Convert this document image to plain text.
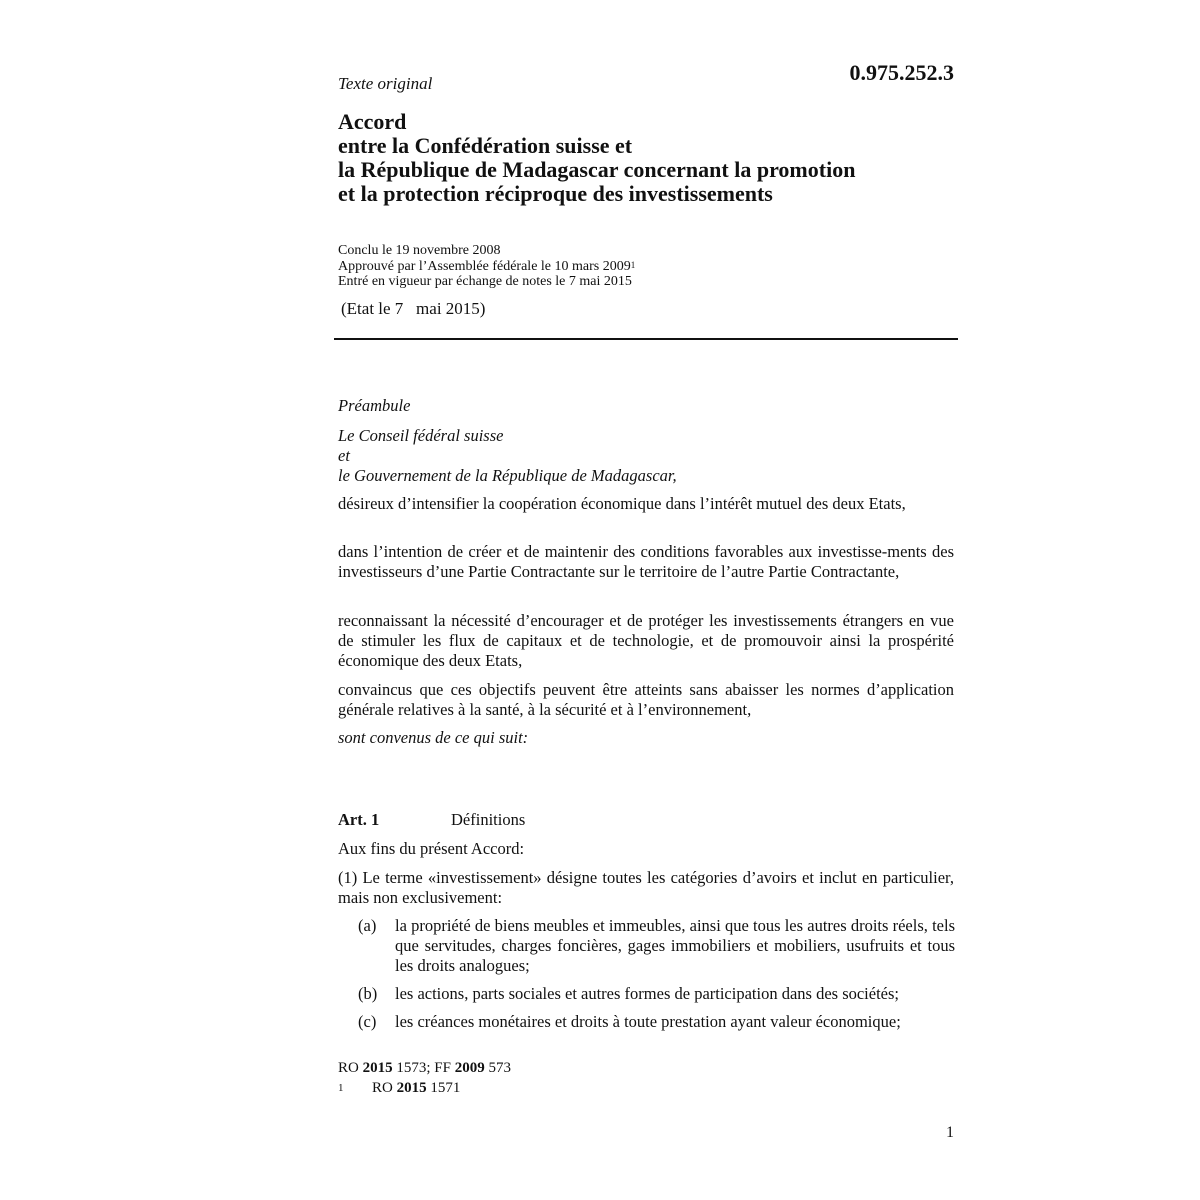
Texte original	0.975.252.3
Accord
entre la Confédération suisse et
la République de Madagascar concernant la promotion
et la protection réciproque des investissements
Conclu le 19 novembre 2008
Approuvé par l’Assemblée fédérale le 10 mars 2009$^1$
Entré en vigueur par échange de notes le 7 mai 2015
(Etat le 7   mai 2015)
Préambule
Le Conseil fédéral suisse
et
le Gouvernement de la République de Madagascar,
désireux d’intensifier la coopération économique dans l’intérêt mutuel des deux Etats,
dans l’intention de créer et de maintenir des conditions favorables aux investisse-ments des investisseurs d’une Partie Contractante sur le territoire de l’autre Partie Contractante,
reconnaissant la nécessité d’encourager et de protéger les investissements étrangers en vue de stimuler les flux de capitaux et de technologie, et de promouvoir ainsi la prospérité économique des deux Etats,
convaincus que ces objectifs peuvent être atteints sans abaisser les normes d’application générale relatives à la santé, à la sécurité et à l’environnement,
sont convenus de ce qui suit:
Art. 1	Définitions
Aux fins du présent Accord:
(1) Le terme «investissement» désigne toutes les catégories d’avoirs et inclut en particulier, mais non exclusivement:
(a) la propriété de biens meubles et immeubles, ainsi que tous les autres droits réels, tels que servitudes, charges foncières, gages immobiliers et mobiliers, usufruits et tous les droits analogues;
(b) les actions, parts sociales et autres formes de participation dans des sociétés;
(c) les créances monétaires et droits à toute prestation ayant valeur économique;
RO 2015 1573; FF 2009 573
1 RO 2015 1571
1
